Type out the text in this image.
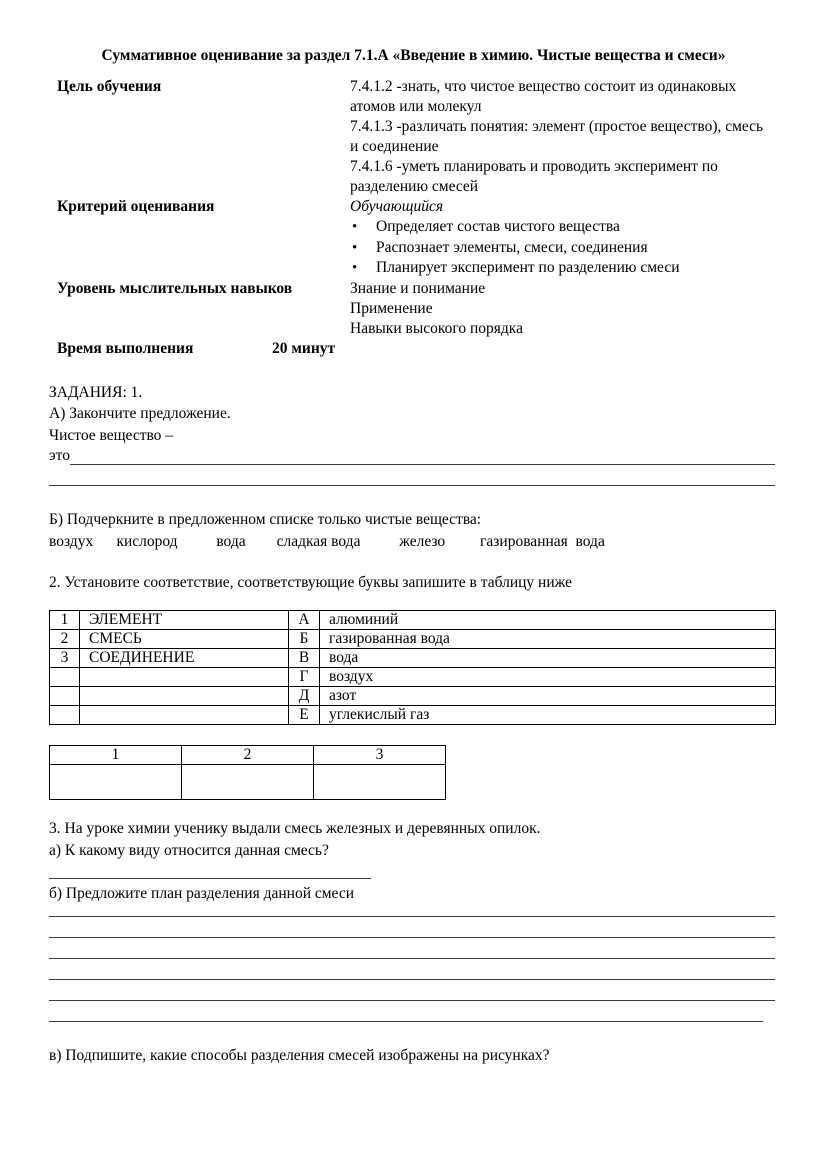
Суммативное оценивание за раздел 7.1.А «Введение в химию. Чистые вещества и смеси»
Цель обучения	7.4.1.2 -знать, что чистое вещество состоит из одинаковых атомов или молекул
7.4.1.3 -различать понятия: элемент (простое вещество), смесь и соединение
7.4.1.6 -уметь планировать и проводить эксперимент по разделению смесей
Критерий оценивания	Обучающийся
• Определяет состав чистого вещества
• Распознает элементы, смеси, соединения
• Планирует эксперимент по разделению смеси
Уровень мыслительных навыков	Знание и понимание
Применение
Навыки высокого порядка
Время выполнения	20 минут
ЗАДАНИЯ: 1.
А) Закончите предложение.
Чистое вещество –
это
Б) Подчеркните в предложенном списке только чистые вещества:
воздух      кислород          вода        сладкая вода          железо         газированная  вода
2. Установите соответствие, соответствующие буквы запишите в таблицу ниже
1	ЭЛЕМЕНТ	А	алюминий
2	СМЕСЬ	Б	газированная вода
3	СОЕДИНЕНИЕ	В	вода
		Г	воздух
		Д	азот
		Е	углекислый газ
1	2	3

3. На уроке химии ученику выдали смесь железных и деревянных опилок.
а) К какому виду относится данная смесь?
б) Предложите план разделения данной смеси
в) Подпишите, какие способы разделения смесей изображены на рисунках?
